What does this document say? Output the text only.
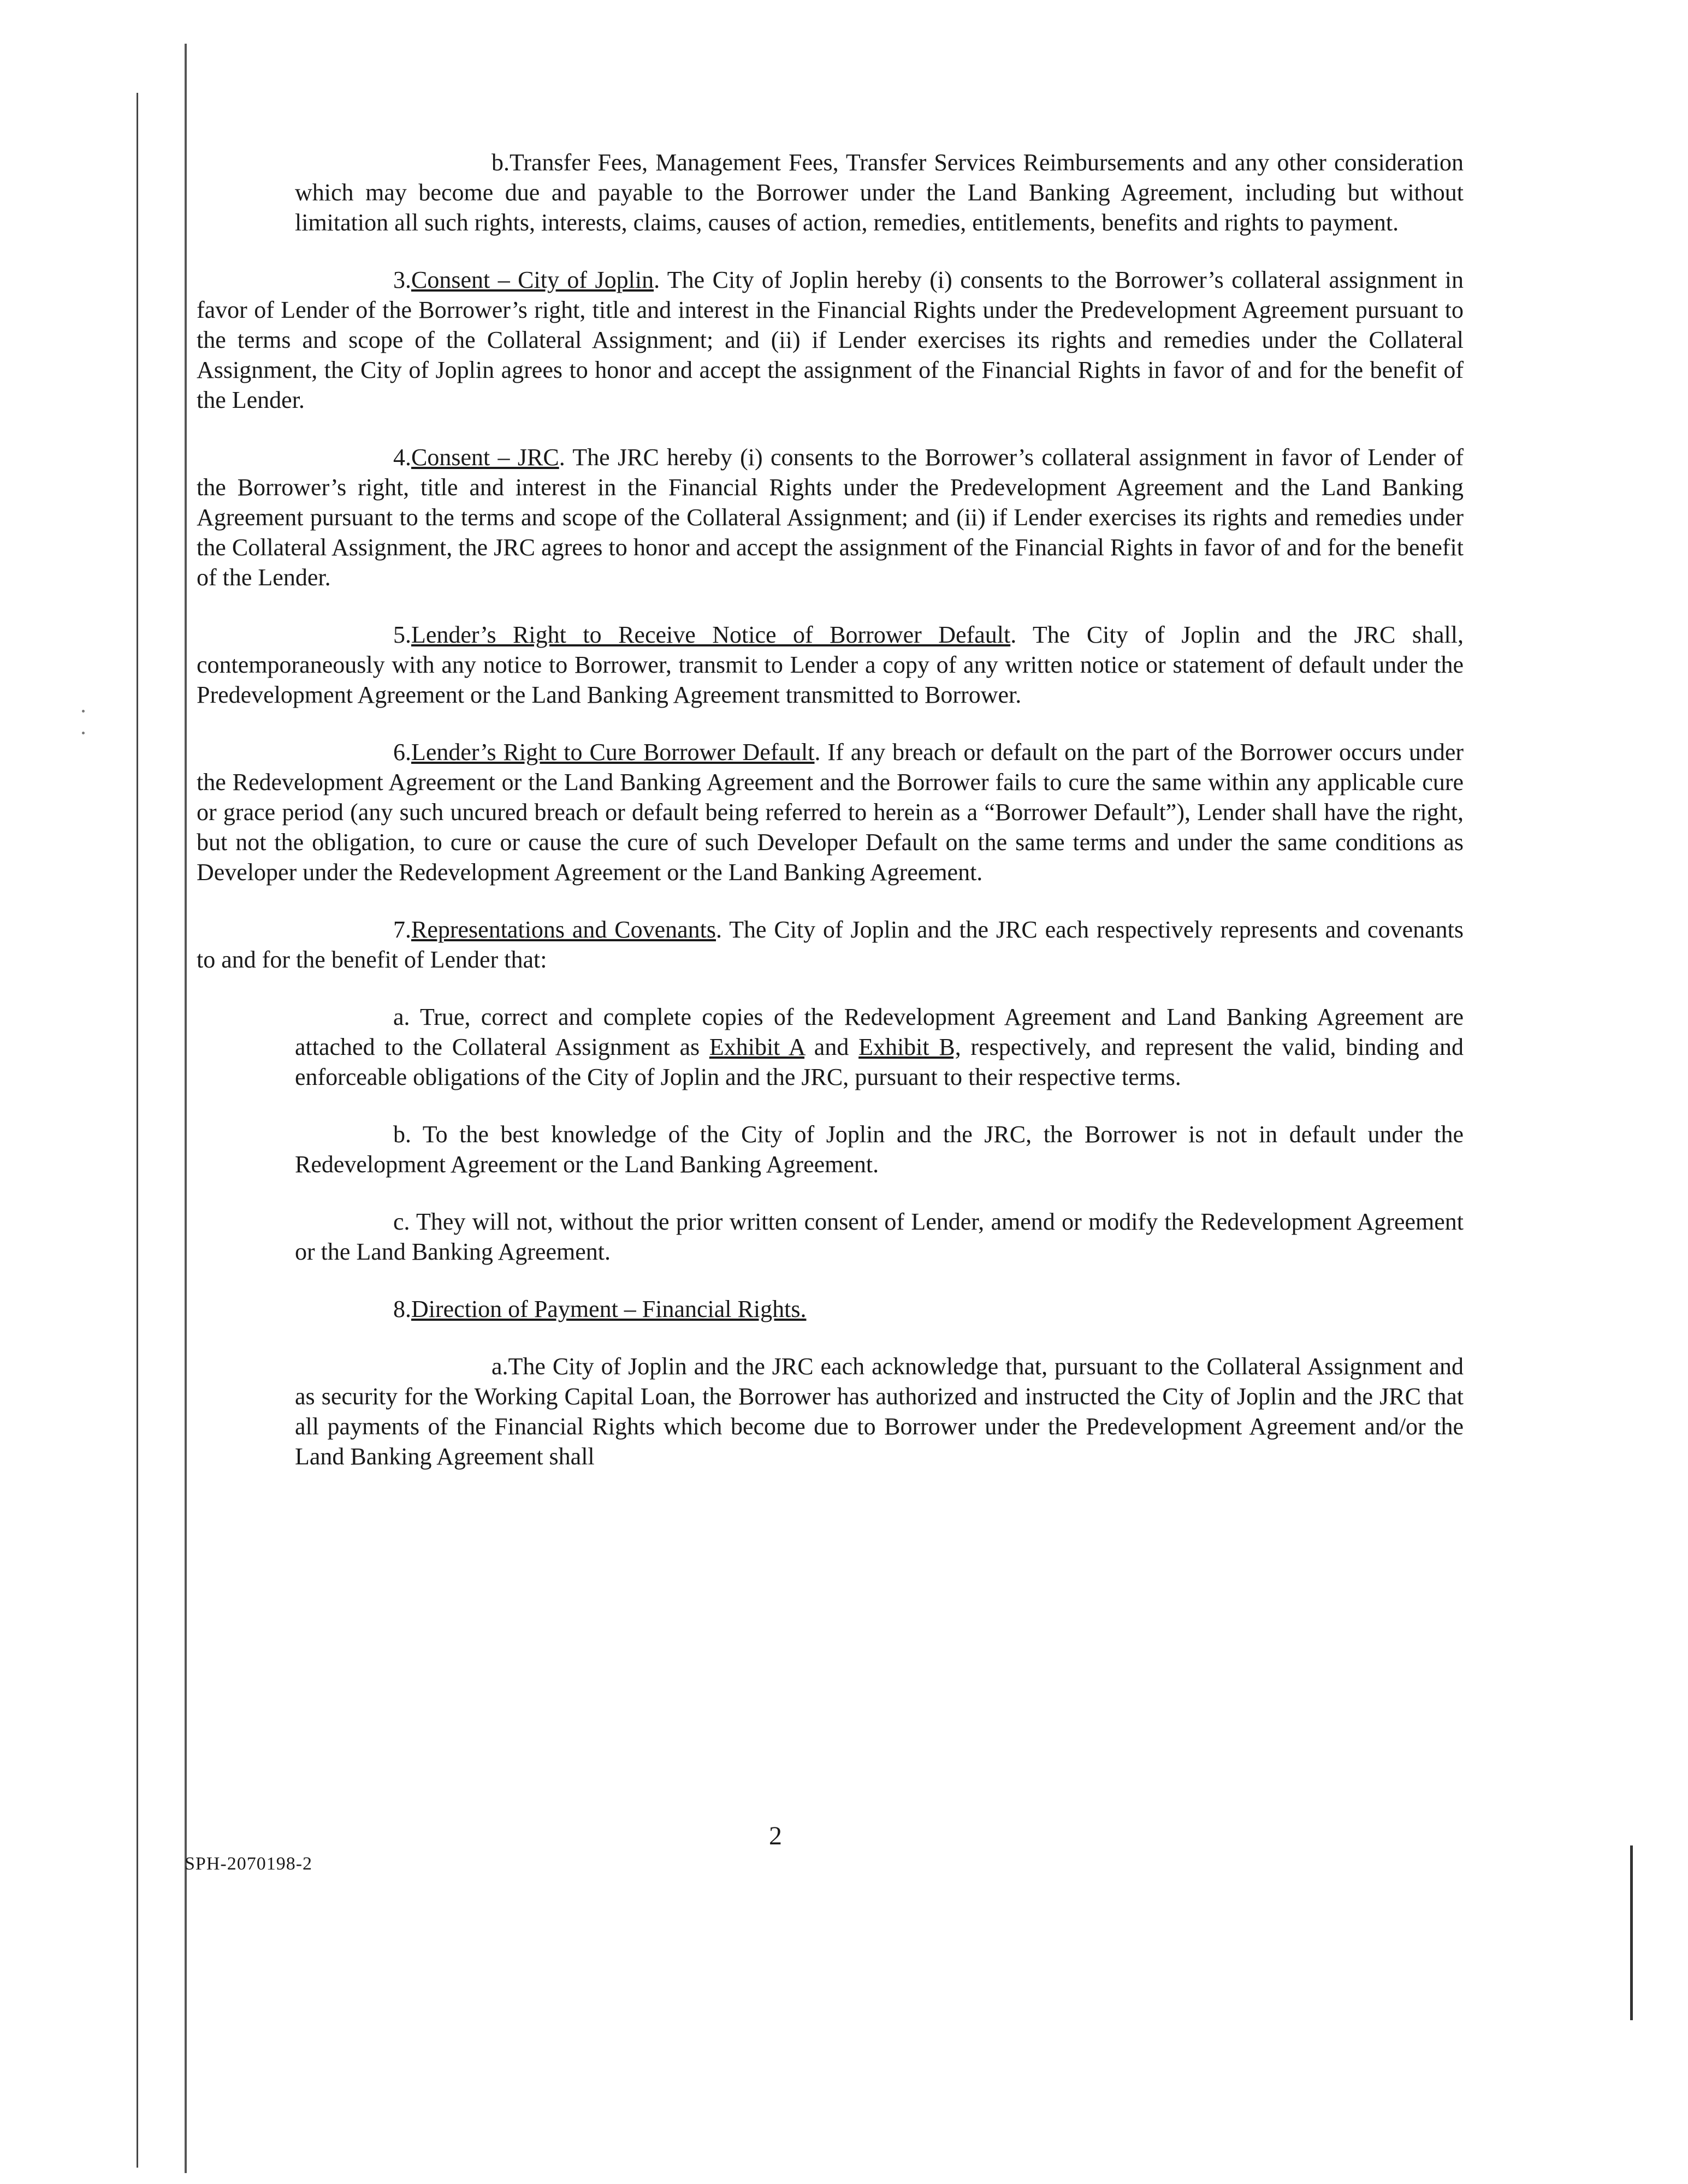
b.Transfer Fees, Management Fees, Transfer Services Reimbursements and any other consideration which may become due and payable to the Borrower under the Land Banking Agreement, including but without limitation all such rights, interests, claims, causes of action, remedies, entitlements, benefits and rights to payment.

3.Consent – City of Joplin. The City of Joplin hereby (i) consents to the Borrower’s collateral assignment in favor of Lender of the Borrower’s right, title and interest in the Financial Rights under the Predevelopment Agreement pursuant to the terms and scope of the Collateral Assignment; and (ii) if Lender exercises its rights and remedies under the Collateral Assignment, the City of Joplin agrees to honor and accept the assignment of the Financial Rights in favor of and for the benefit of the Lender.

4.Consent – JRC. The JRC hereby (i) consents to the Borrower’s collateral assignment in favor of Lender of the Borrower’s right, title and interest in the Financial Rights under the Predevelopment Agreement and the Land Banking Agreement pursuant to the terms and scope of the Collateral Assignment; and (ii) if Lender exercises its rights and remedies under the Collateral Assignment, the JRC agrees to honor and accept the assignment of the Financial Rights in favor of and for the benefit of the Lender.

5.Lender’s Right to Receive Notice of Borrower Default. The City of Joplin and the JRC shall, contemporaneously with any notice to Borrower, transmit to Lender a copy of any written notice or statement of default under the Predevelopment Agreement or the Land Banking Agreement transmitted to Borrower.

6.Lender’s Right to Cure Borrower Default. If any breach or default on the part of the Borrower occurs under the Redevelopment Agreement or the Land Banking Agreement and the Borrower fails to cure the same within any applicable cure or grace period (any such uncured breach or default being referred to herein as a “Borrower Default”), Lender shall have the right, but not the obligation, to cure or cause the cure of such Developer Default on the same terms and under the same conditions as Developer under the Redevelopment Agreement or the Land Banking Agreement.

7.Representations and Covenants. The City of Joplin and the JRC each respectively represents and covenants to and for the benefit of Lender that:

a. True, correct and complete copies of the Redevelopment Agreement and Land Banking Agreement are attached to the Collateral Assignment as Exhibit A and Exhibit B, respectively, and represent the valid, binding and enforceable obligations of the City of Joplin and the JRC, pursuant to their respective terms.

b. To the best knowledge of the City of Joplin and the JRC, the Borrower is not in default under the Redevelopment Agreement or the Land Banking Agreement.

c. They will not, without the prior written consent of Lender, amend or modify the Redevelopment Agreement or the Land Banking Agreement.

8.Direction of Payment – Financial Rights.

a.The City of Joplin and the JRC each acknowledge that, pursuant to the Collateral Assignment and as security for the Working Capital Loan, the Borrower has authorized and instructed the City of Joplin and the JRC that all payments of the Financial Rights which become due to Borrower under the Predevelopment Agreement and/or the Land Banking Agreement shall

2
SPH-2070198-2
